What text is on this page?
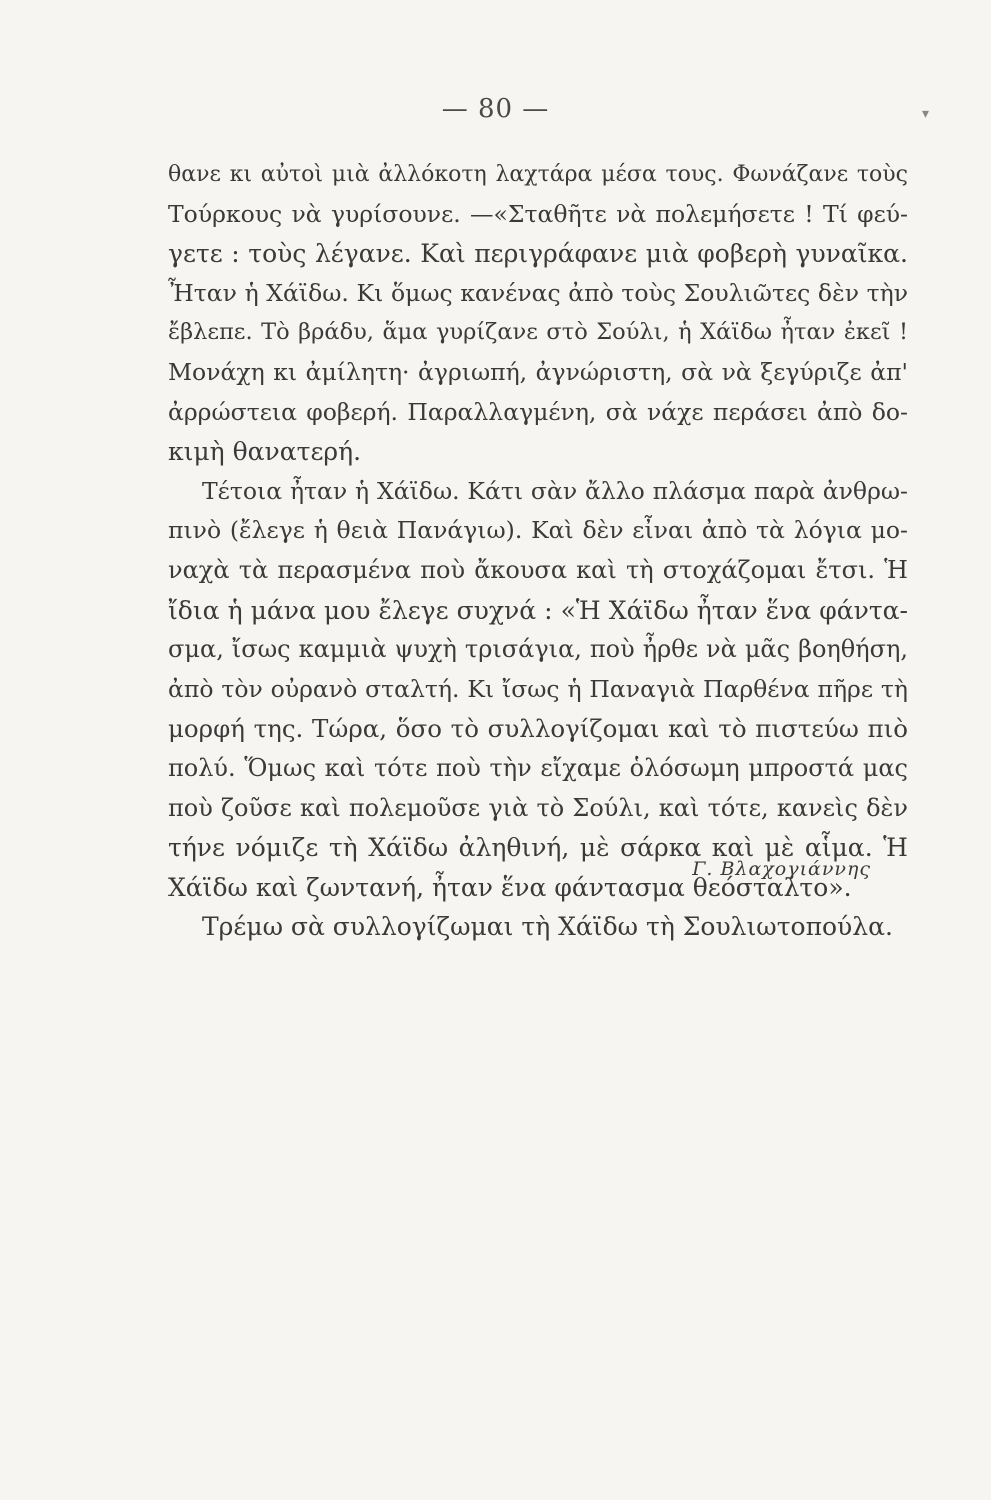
— 80 —	▾
θανε κι αὐτοὶ μιὰ ἀλλόκοτη λαχτάρα μέσα τους. Φωνάζανε τοὺς
Τούρκους νὰ γυρίσουνε. —«Σταθῆτε νὰ πολεμήσετε ! Τί φεύ-
γετε : τοὺς λέγανε. Καὶ περιγράφανε μιὰ φοβερὴ γυναῖκα.
Ἦταν ἡ Χάϊδω. Κι ὅμως κανένας ἀπὸ τοὺς Σουλιῶτες δὲν τὴν
ἔβλεπε. Τὸ βράδυ, ἅμα γυρίζανε στὸ Σούλι, ἡ Χάϊδω ἦταν ἐκεῖ !
Μονάχη κι ἀμίλητη· ἀγριωπή, ἀγνώριστη, σὰ νὰ ξεγύριζε ἀπ'
ἀρρώστεια φοβερή. Παραλλαγμένη, σὰ νάχε περάσει ἀπὸ δο-
κιμὴ θανατερή.
Τέτοια ἦταν ἡ Χάϊδω. Κάτι σὰν ἄλλο πλάσμα παρὰ ἀνθρω-
πινὸ (ἔλεγε ἡ θειὰ Πανάγιω). Καὶ δὲν εἶναι ἀπὸ τὰ λόγια μο-
ναχὰ τὰ περασμένα ποὺ ἄκουσα καὶ τὴ στοχάζομαι ἔτσι. Ἡ
ἴδια ἡ μάνα μου ἔλεγε συχνά : «Ἡ Χάϊδω ἦταν ἕνα φάντα-
σμα, ἴσως καμμιὰ ψυχὴ τρισάγια, ποὺ ἦρθε νὰ μᾶς βοηθήση,
ἀπὸ τὸν οὐρανὸ σταλτή. Κι ἴσως ἡ Παναγιὰ Παρθένα πῆρε τὴ
μορφή της. Τώρα, ὅσο τὸ συλλογίζομαι καὶ τὸ πιστεύω πιὸ
πολύ. Ὅμως καὶ τότε ποὺ τὴν εἴχαμε ὁλόσωμη μπροστά μας
ποὺ ζοῦσε καὶ πολεμοῦσε γιὰ τὸ Σούλι, καὶ τότε, κανεὶς δὲν
τήνε νόμιζε τὴ Χάϊδω ἀληθινή, μὲ σάρκα καὶ μὲ αἷμα. Ἡ
Χάϊδω καὶ ζωντανή, ἦταν ἕνα φάντασμα θεόσταλτο».
Τρέμω σὰ συλλογίζωμαι τὴ Χάϊδω τὴ Σουλιωτοπούλα.
Γ. Βλαχογιάννης
